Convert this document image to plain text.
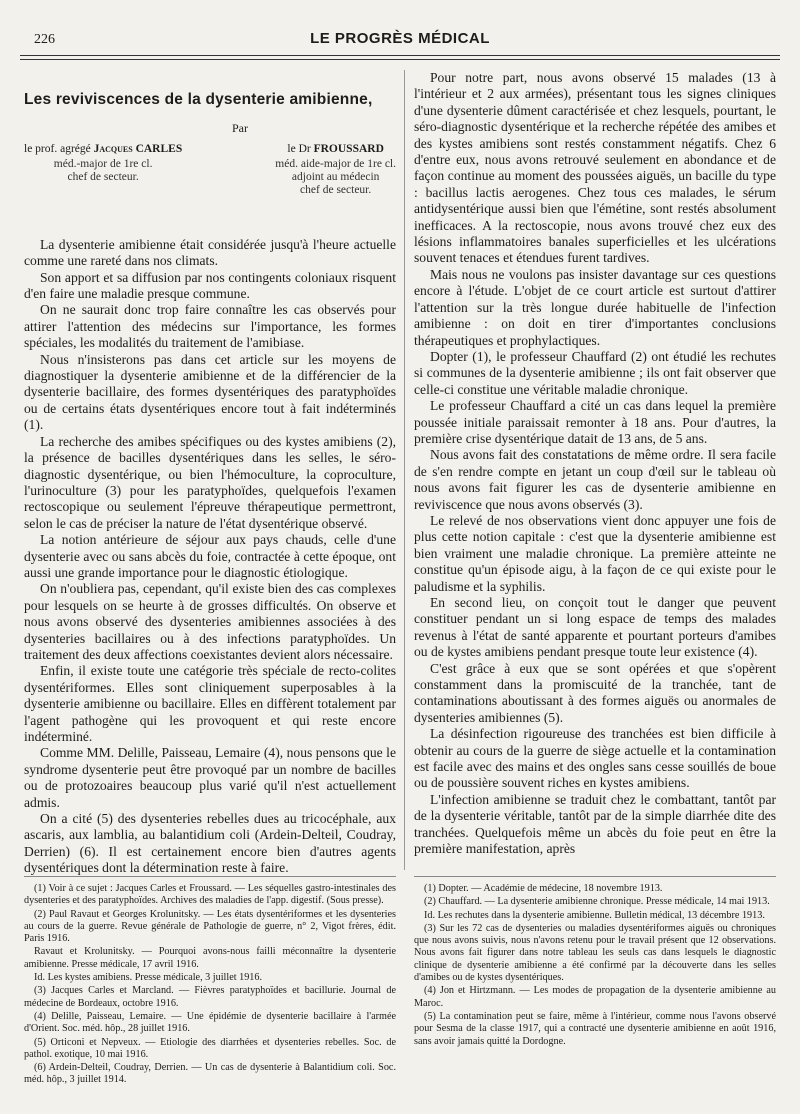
226	LE PROGRÈS MÉDICAL
Les reviviscences de la dysenterie amibienne,
Par
le prof. agrégé Jacques CARLES
méd.-major de 1re cl.
chef de secteur.
le Dr FROUSSARD
méd. aide-major de 1re cl.
adjoint au médecin
chef de secteur.

La dysenterie amibienne était considérée jusqu'à l'heure actuelle comme une rareté dans nos climats.

Son apport et sa diffusion par nos contingents coloniaux risquent d'en faire une maladie presque commune.

On ne saurait donc trop faire connaître les cas observés pour attirer l'attention des médecins sur l'importance, les formes spéciales, les modalités du traitement de l'amibiase.

Nous n'insisterons pas dans cet article sur les moyens de diagnostiquer la dysenterie amibienne et de la différencier de la dysenterie bacillaire, des formes dysentériques des paratyphoïdes ou de certains états dysentériques encore tout à fait indéterminés (1).

La recherche des amibes spécifiques ou des kystes amibiens (2), la présence de bacilles dysentériques dans les selles, le séro-diagnostic dysentérique, ou bien l'hémoculture, la coproculture, l'urinoculture (3) pour les paratyphoïdes, quelquefois l'examen rectoscopique ou seulement l'épreuve thérapeutique permettront, selon le cas de préciser la nature de l'état dysentérique observé.

La notion antérieure de séjour aux pays chauds, celle d'une dysenterie avec ou sans abcès du foie, contractée à cette époque, ont aussi une grande importance pour le diagnostic étiologique.

On n'oubliera pas, cependant, qu'il existe bien des cas complexes pour lesquels on se heurte à de grosses difficultés. On observe et nous avons observé des dysenteries amibiennes associées à des dysenteries bacillaires ou à des infections paratyphoïdes. Un traitement des deux affections coexistantes devient alors nécessaire.

Enfin, il existe toute une catégorie très spéciale de recto-colites dysentériformes. Elles sont cliniquement superposables à la dysenterie amibienne ou bacillaire. Elles en diffèrent totalement par l'agent pathogène qui les provoquent et qui reste encore indéterminé.

Comme MM. Delille, Paisseau, Lemaire (4), nous pensons que le syndrome dysenterie peut être provoqué par un nombre de bacilles ou de protozoaires beaucoup plus varié qu'il n'est actuellement admis.

On a cité (5) des dysenteries rebelles dues au tricocéphale, aux ascaris, aux lamblia, au balantidium coli (Ardein-Delteil, Coudray, Derrien) (6). Il est certainement encore bien d'autres agents dysentériques dont la détermination reste à faire.

Pour notre part, nous avons observé 15 malades (13 à l'intérieur et 2 aux armées), présentant tous les signes cliniques d'une dysenterie dûment caractérisée et chez lesquels, pourtant, le séro-diagnostic dysentérique et la recherche répétée des amibes et des kystes amibiens sont restés constamment négatifs. Chez 6 d'entre eux, nous avons retrouvé seulement en abondance et de façon continue au moment des poussées aiguës, un bacille du type : bacillus lactis aerogenes. Chez tous ces malades, le sérum antidysentérique aussi bien que l'émétine, sont restés absolument inefficaces. A la rectoscopie, nous avons trouvé chez eux des lésions inflammatoires banales superficielles et les ulcérations souvent tenaces et étendues furent tardives.

Mais nous ne voulons pas insister davantage sur ces questions encore à l'étude. L'objet de ce court article est surtout d'attirer l'attention sur la très longue durée habituelle de l'infection amibienne : on doit en tirer d'importantes conclusions thérapeutiques et prophylactiques.

Dopter (1), le professeur Chauffard (2) ont étudié les rechutes si communes de la dysenterie amibienne ; ils ont fait observer que celle-ci constitue une véritable maladie chronique.

Le professeur Chauffard a cité un cas dans lequel la première poussée initiale paraissait remonter à 18 ans. Pour d'autres, la première crise dysentérique datait de 13 ans, de 5 ans.

Nous avons fait des constatations de même ordre. Il sera facile de s'en rendre compte en jetant un coup d'œil sur le tableau où nous avons fait figurer les cas de dysenterie amibienne en reviviscence que nous avons observés (3).

Le relevé de nos observations vient donc appuyer une fois de plus cette notion capitale : c'est que la dysenterie amibienne est bien vraiment une maladie chronique. La première atteinte ne constitue qu'un épisode aigu, à la façon de ce qui existe pour le paludisme et la syphilis.

En second lieu, on conçoit tout le danger que peuvent constituer pendant un si long espace de temps des malades revenus à l'état de santé apparente et pourtant porteurs d'amibes ou de kystes amibiens pendant presque toute leur existence (4).

C'est grâce à eux que se sont opérées et que s'opèrent constamment dans la promiscuité de la tranchée, tant de contaminations aboutissant à des formes aiguës ou anormales de dysenteries amibiennes (5).

La désinfection rigoureuse des tranchées est bien difficile à obtenir au cours de la guerre de siège actuelle et la contamination est facile avec des mains et des ongles sans cesse souillés de boue ou de poussière souvent riches en kystes amibiens.

L'infection amibienne se traduit chez le combattant, tantôt par de la dysenterie véritable, tantôt par de la simple diarrhée dite des tranchées. Quelquefois même un abcès du foie peut en être la première manifestation, après

(1) Voir à ce sujet : Jacques Carles et Froussard. — Les séquelles gastro-intestinales des dysenteries et des paratyphoïdes. Archives des maladies de l'app. digestif. (Sous presse).

(2) Paul Ravaut et Georges Krolunitsky. — Les états dysentériformes et les dysenteries au cours de la guerre. Revue générale de Pathologie de guerre, n° 2, Vigot frères, édit. Paris 1916.

Ravaut et Krolunitsky. — Pourquoi avons-nous failli méconnaître la dysenterie amibienne. Presse médicale, 17 avril 1916.

Id. Les kystes amibiens. Presse médicale, 3 juillet 1916.

(3) Jacques Carles et Marcland. — Fièvres paratyphoïdes et bacillurie. Journal de médecine de Bordeaux, octobre 1916.

(4) Delille, Paisseau, Lemaire. — Une épidémie de dysenterie bacillaire à l'armée d'Orient. Soc. méd. hôp., 28 juillet 1916.

(5) Orticoni et Nepveux. — Etiologie des diarrhées et dysenteries rebelles. Soc. de pathol. exotique, 10 mai 1916.

(6) Ardein-Delteil, Coudray, Derrien. — Un cas de dysenterie à Balantidium coli. Soc. méd. hôp., 3 juillet 1914.

(1) Dopter. — Académie de médecine, 18 novembre 1913.

(2) Chauffard. — La dysenterie amibienne chronique. Presse médicale, 14 mai 1913.

Id. Les rechutes dans la dysenterie amibienne. Bulletin médical, 13 décembre 1913.

(3) Sur les 72 cas de dysenteries ou maladies dysentériformes aiguës ou chroniques que nous avons suivis, nous n'avons retenu pour le travail présent que 12 observations. Nous avons fait figurer dans notre tableau les seuls cas dans lesquels le diagnostic clinique de dysenterie amibienne a été confirmé par la découverte dans les selles d'amibes ou de kystes dysentériques.

(4) Jon et Hirtzmann. — Les modes de propagation de la dysenterie amibienne au Maroc.

(5) La contamination peut se faire, même à l'intérieur, comme nous l'avons observé pour Sesma de la classe 1917, qui a contracté une dysenterie amibienne en août 1916, sans avoir jamais quitté la Dordogne.
